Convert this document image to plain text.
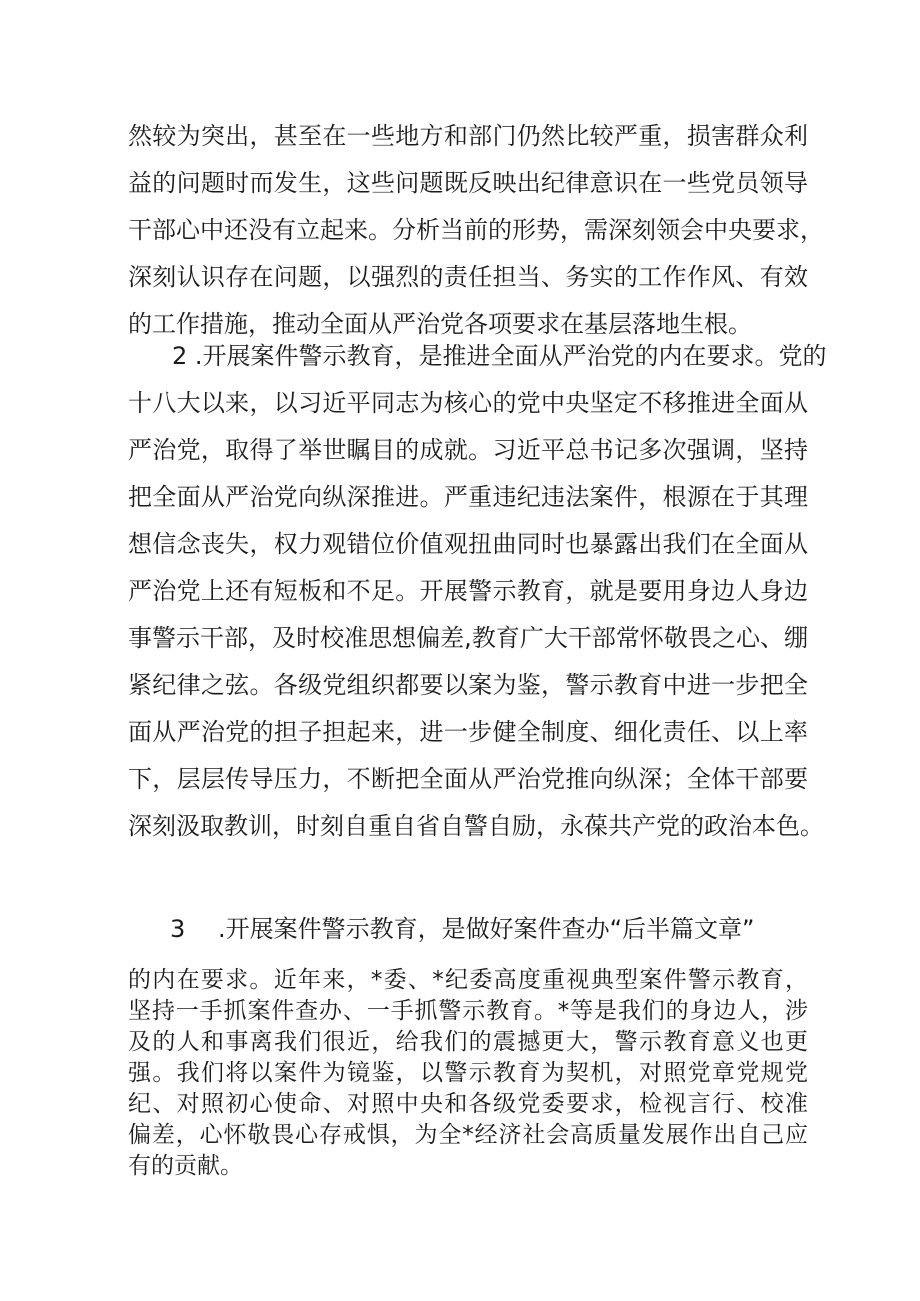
然较为突出，甚至在一些地方和部门仍然比较严重，损害群众利
益的问题时而发生，这些问题既反映出纪律意识在一些党员领导
干部心中还没有立起来。分析当前的形势，需深刻领会中央要求，
深刻认识存在问题，以强烈的责任担当、务实的工作作风、有效
的工作措施，推动全面从严治党各项要求在基层落地生根。
2 .开展案件警示教育，是推进全面从严治党的内在要求。党的
十八大以来，以习近平同志为核心的党中央坚定不移推进全面从
严治党，取得了举世瞩目的成就。习近平总书记多次强调，坚持
把全面从严治党向纵深推进。严重违纪违法案件，根源在于其理
想信念丧失，权力观错位价值观扭曲同时也暴露出我们在全面从
严治党上还有短板和不足。开展警示教育，就是要用身边人身边
事警示干部，及时校准思想偏差,教育广大干部常怀敬畏之心、绷
紧纪律之弦。各级党组织都要以案为鉴，警示教育中进一步把全
面从严治党的担子担起来，进一步健全制度、细化责任、以上率
下，层层传导压力，不断把全面从严治党推向纵深；全体干部要
深刻汲取教训，时刻自重自省自警自励，永葆共产党的政治本色。
3 .开展案件警示教育，是做好案件查办“后半篇文章”
的内在要求。近年来，*委、*纪委高度重视典型案件警示教育，
坚持一手抓案件查办、一手抓警示教育。*等是我们的身边人，涉
及的人和事离我们很近，给我们的震撼更大，警示教育意义也更
强。我们将以案件为镜鉴，以警示教育为契机，对照党章党规党
纪、对照初心使命、对照中央和各级党委要求，检视言行、校准
偏差，心怀敬畏心存戒惧，为全*经济社会高质量发展作出自己应
有的贡献。
